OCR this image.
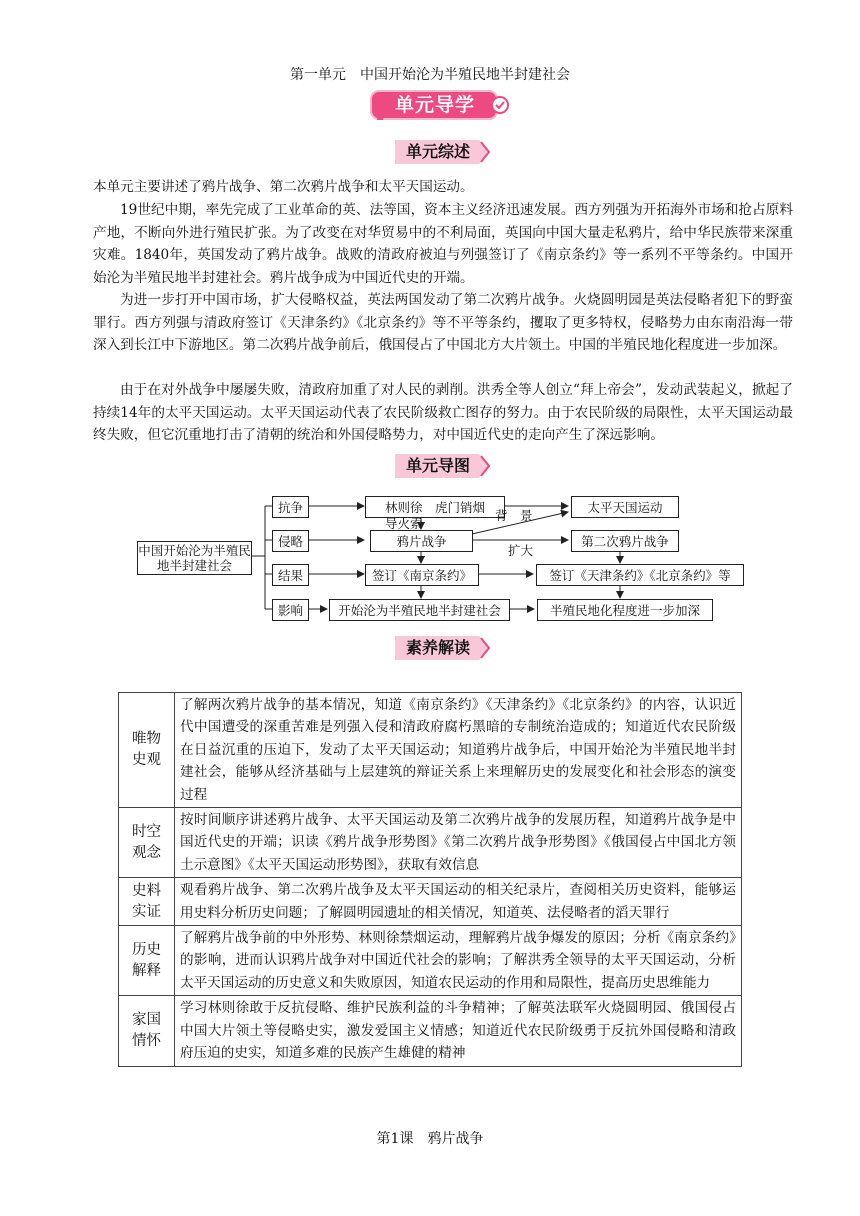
第一单元　中国开始沦为半殖民地半封建社会
单元导学
单元综述
本单元主要讲述了鸦片战争、第二次鸦片战争和太平天国运动。
19世纪中期，率先完成了工业革命的英、法等国，资本主义经济迅速发展。西方列强为开拓海外市场和抢占原料产地，不断向外进行殖民扩张。为了改变在对华贸易中的不利局面，英国向中国大量走私鸦片，给中华民族带来深重灾难。1840年，英国发动了鸦片战争。战败的清政府被迫与列强签订了《南京条约》等一系列不平等条约。中国开始沦为半殖民地半封建社会。鸦片战争成为中国近代史的开端。
为进一步打开中国市场，扩大侵略权益，英法两国发动了第二次鸦片战争。火烧圆明园是英法侵略者犯下的野蛮罪行。西方列强与清政府签订《天津条约》《北京条约》等不平等条约，攫取了更多特权，侵略势力由东南沿海一带深入到长江中下游地区。第二次鸦片战争前后，俄国侵占了中国北方大片领土。中国的半殖民地化程度进一步加深。
由于在对外战争中屡屡失败，清政府加重了对人民的剥削。洪秀全等人创立“拜上帝会”，发动武装起义，掀起了持续14年的太平天国运动。太平天国运动代表了农民阶级救亡图存的努力。由于农民阶级的局限性，太平天国运动最终失败，但它沉重地打击了清朝的统治和外国侵略势力，对中国近代史的走向产生了深远影响。
单元导图
中国开始沦为半殖民地半封建社会
抗争
侵略
结果
影响
林则徐　虎门销烟
鸦片战争
签订《南京条约》
开始沦为半殖民地半封建社会
太平天国运动
第二次鸦片战争
签订《天津条约》《北京条约》等
半殖民地化程度进一步加深
导火索
背　景
扩大
素养解读
唯物
史观	了解两次鸦片战争的基本情况，知道《南京条约》《天津条约》《北京条约》的内容，认识近代中国遭受的深重苦难是列强入侵和清政府腐朽黑暗的专制统治造成的；知道近代农民阶级在日益沉重的压迫下，发动了太平天国运动；知道鸦片战争后，中国开始沦为半殖民地半封建社会，能够从经济基础与上层建筑的辩证关系上来理解历史的发展变化和社会形态的演变过程

时空
观念	按时间顺序讲述鸦片战争、太平天国运动及第二次鸦片战争的发展历程，知道鸦片战争是中国近代史的开端；识读《鸦片战争形势图》《第二次鸦片战争形势图》《俄国侵占中国北方领土示意图》《太平天国运动形势图》，获取有效信息

史料
实证	观看鸦片战争、第二次鸦片战争及太平天国运动的相关纪录片，查阅相关历史资料，能够运用史料分析历史问题；了解圆明园遗址的相关情况，知道英、法侵略者的滔天罪行

历史
解释	了解鸦片战争前的中外形势、林则徐禁烟运动，理解鸦片战争爆发的原因；分析《南京条约》的影响，进而认识鸦片战争对中国近代社会的影响；了解洪秀全领导的太平天国运动，分析太平天国运动的历史意义和失败原因，知道农民运动的作用和局限性，提高历史思维能力

家国
情怀	学习林则徐敢于反抗侵略、维护民族利益的斗争精神；了解英法联军火烧圆明园、俄国侵占中国大片领土等侵略史实，激发爱国主义情感；知道近代农民阶级勇于反抗外国侵略和清政府压迫的史实，知道多难的民族产生雄健的精神
第1课　鸦片战争
